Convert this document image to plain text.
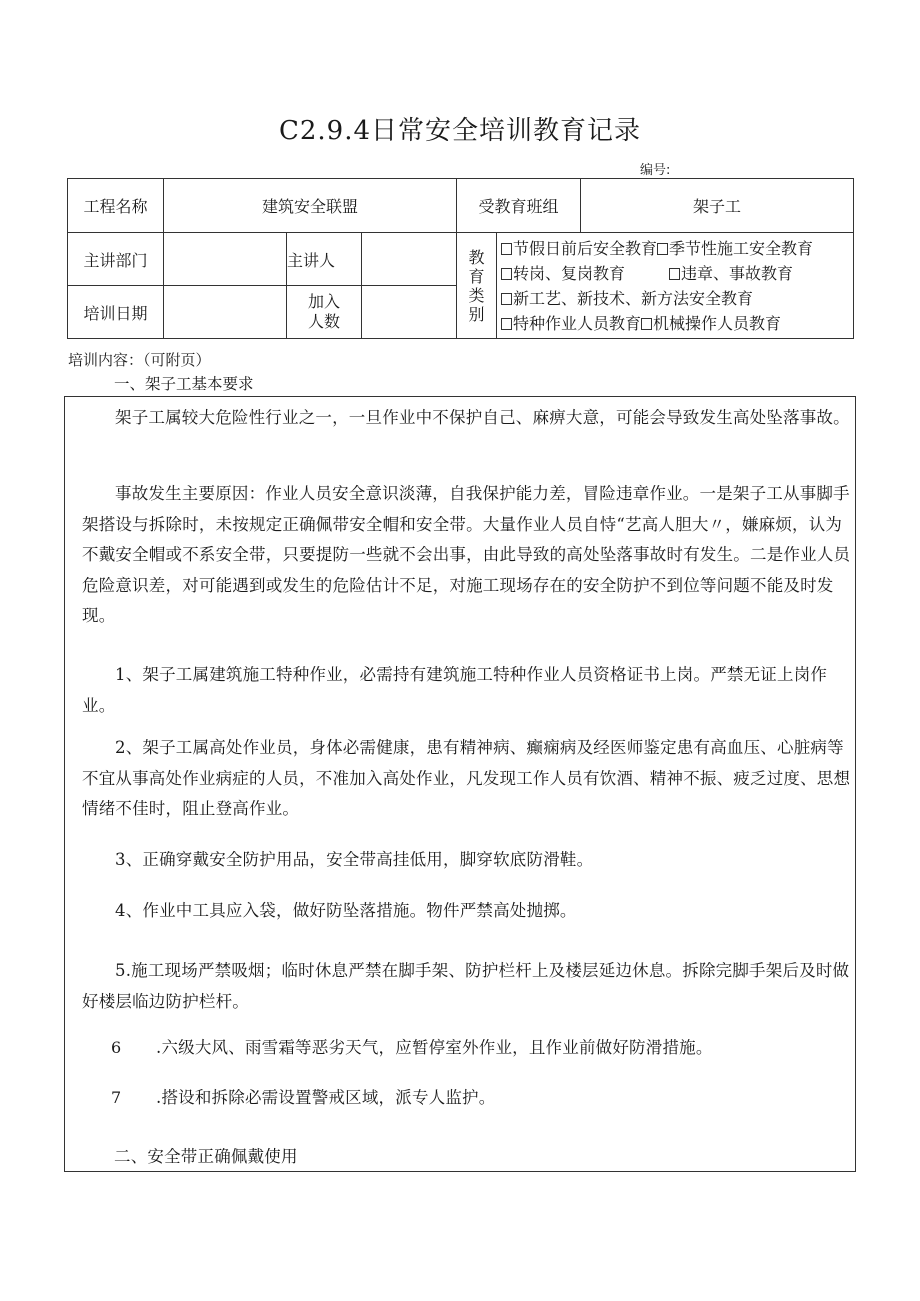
C2.9.4日常安全培训教育记录
编号:
工程名称	建筑安全联盟			受教育班组		架子工
主讲部门		主讲人		教育类别	节假日前后安全教育 季节性施工安全教育
转岗、复岗教育 违章、事故教育
新工艺、新技术、新方法安全教育
特种作业人员教育 机械操作人员教育	

培训日期		加入人数				
培训内容：（可附页）
一、架子工基本要求
架子工属较大危险性行业之一，一旦作业中不保护自己、麻痹大意，可能会导致发生高处坠落事故。
事故发生主要原因：作业人员安全意识淡薄，自我保护能力差，冒险违章作业。一是架子工从事脚手架搭设与拆除时，未按规定正确佩带安全帽和安全带。大量作业人员自恃“艺高人胆大〃，嫌麻烦，认为不戴安全帽或不系安全带，只要提防一些就不会出事，由此导致的高处坠落事故时有发生。二是作业人员危险意识差，对可能遇到或发生的危险估计不足，对施工现场存在的安全防护不到位等问题不能及时发现。
1、架子工属建筑施工特种作业，必需持有建筑施工特种作业人员资格证书上岗。严禁无证上岗作业。
2、架子工属高处作业员，身体必需健康，患有精神病、癫痫病及经医师鉴定患有高血压、心脏病等不宜从事高处作业病症的人员，不准加入高处作业，凡发现工作人员有饮酒、精神不振、疲乏过度、思想情绪不佳时，阻止登高作业。
3、正确穿戴安全防护用品，安全带高挂低用，脚穿软底防滑鞋。
4、作业中工具应入袋，做好防坠落措施。物件严禁高处抛掷。
5.施工现场严禁吸烟；临时休息严禁在脚手架、防护栏杆上及楼层延边休息。拆除完脚手架后及时做好楼层临边防护栏杆。
6 .六级大风、雨雪霜等恶劣天气，应暂停室外作业，且作业前做好防滑措施。
7 .搭设和拆除必需设置警戒区域，派专人监护。
二、安全带正确佩戴使用
